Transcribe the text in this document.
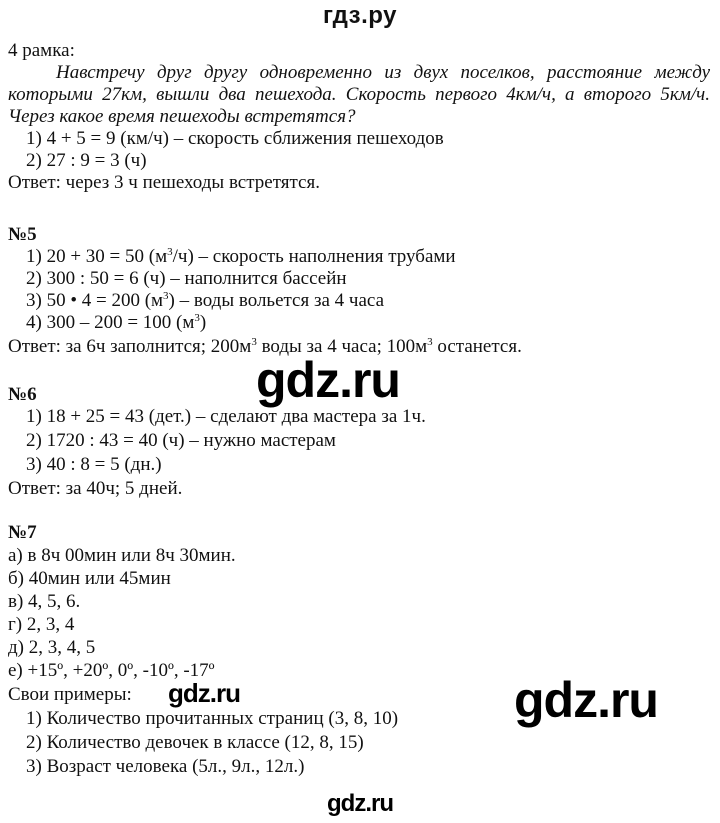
гдз.ру
4 рамка:
Навстречу друг другу одновременно из двух поселков, расстояние между которыми 27км, вышли два пешехода. Скорость первого 4км/ч, а второго 5км/ч. Через какое время пешеходы встретятся?
1) 4 + 5 = 9 (км/ч) – скорость сближения пешеходов
2) 27 : 9 = 3 (ч)
Ответ: через 3 ч пешеходы встретятся.
№5
1) 20 + 30 = 50 $(м^3/ч)$ – скорость наполнения трубами
2) 300 : 50 = 6 (ч) – наполнится бассейн
3) 50 • 4 = 200 $(м^3)$ – воды вольется за 4 часа
4) 300 – 200 = 100 $(м^3)$
Ответ: за 6ч заполнится; $200м^3$ воды за 4 часа; $100м^3$ останется.
gdz.ru
№6
1) 18 + 25 = 43 (дет.) – сделают два мастера за 1ч.
2) 1720 : 43 = 40 (ч) – нужно мастерам
3) 40 : 8 = 5 (дн.)
Ответ: за 40ч; 5 дней.
№7
а) в 8ч 00мин или 8ч 30мин.
б) 40мин или 45мин
в) 4, 5, 6.
г) 2, 3, 4
д) 2, 3, 4, 5
е) +15º, +20º, 0º, -10º, -17º
Свои примеры: gdz.ru	gdz.ru
1) Количество прочитанных страниц (3, 8, 10)
2) Количество девочек в классе (12, 8, 15)
3) Возраст человека (5л., 9л., 12л.)
gdz.ru
